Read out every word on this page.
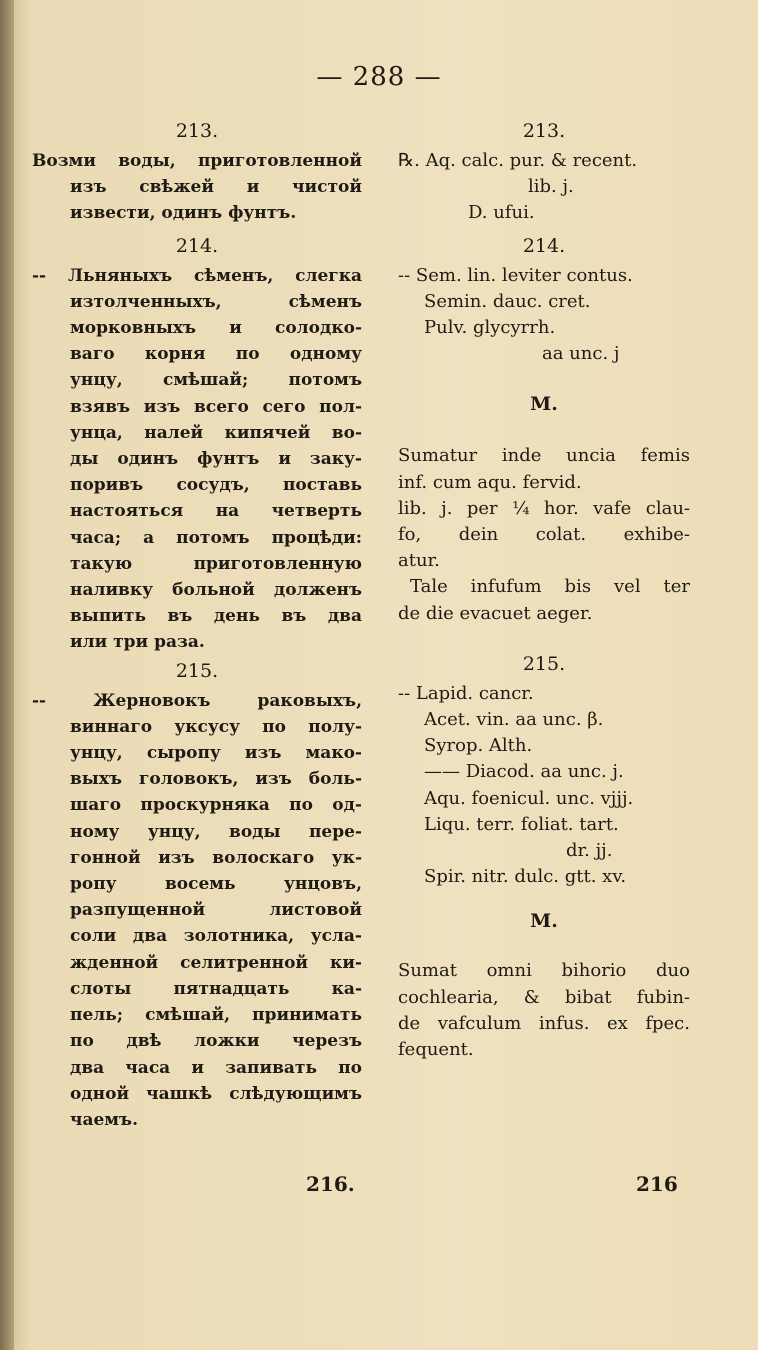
— 288 —
213.
Возми воды, приготовленной
изъ свѣжей и чистой
извести, одинъ фунтъ.
214.
-- Льняныхъ сѣменъ, слегка
изтолченныхъ, сѣменъ
морковныхъ и солодко-
ваго корня по одному
унцу, смѣшай; потомъ
взявъ изъ всего сего пол-
унца, налей кипячей во-
ды одинъ фунтъ и заку-
поривъ сосудъ, поставь
настояться на четверть
часа; а потомъ процѣди:
такую приготовленную
наливку больной долженъ
выпить въ день въ два
или три раза.
215.
-- Жерновокъ раковыхъ,
виннаго уксусу по полу-
унцу, сыропу изъ мако-
выхъ головокъ, изъ боль-
шаго проскурняка по од-
ному унцу, воды пере-
гонной изъ волоскаго ук-
ропу восемь унцовъ,
разпущенной листовой
соли два золотника, усла-
жденной селитренной ки-
слоты пятнадцать ка-
пель; смѣшай, принимать
по двѣ ложки черезъ
два часа и запивать по
одной чашкѣ слѣдующимъ
чаемъ.
213.
℞. Aq. calc. pur. & recent.
lib. j.
D. ufui.
214.
-- Sem. lin. leviter contus.
Semin. dauc. cret.
Pulv. glycyrrh.
aa unc. j
M.
Sumatur inde uncia femis
inf. cum aqu. fervid.
lib. j. per ¼ hor. vafe clau-
fo, dein colat. exhibe-
atur.
Tale infufum bis vel ter
de die evacuet aeger.
215.
-- Lapid. cancr.
Acet. vin. aa unc. β.
Syrop. Alth.
—— Diacod. aa unc. j.
Aqu. foenicul. unc. vjjj.
Liqu. terr. foliat. tart.
dr. jj.
Spir. nitr. dulc. gtt. xv.
M.
Sumat omni bihorio duo
cochlearia, & bibat fubin-
de vafculum infus. ex fpec.
fequent.
216.	216
